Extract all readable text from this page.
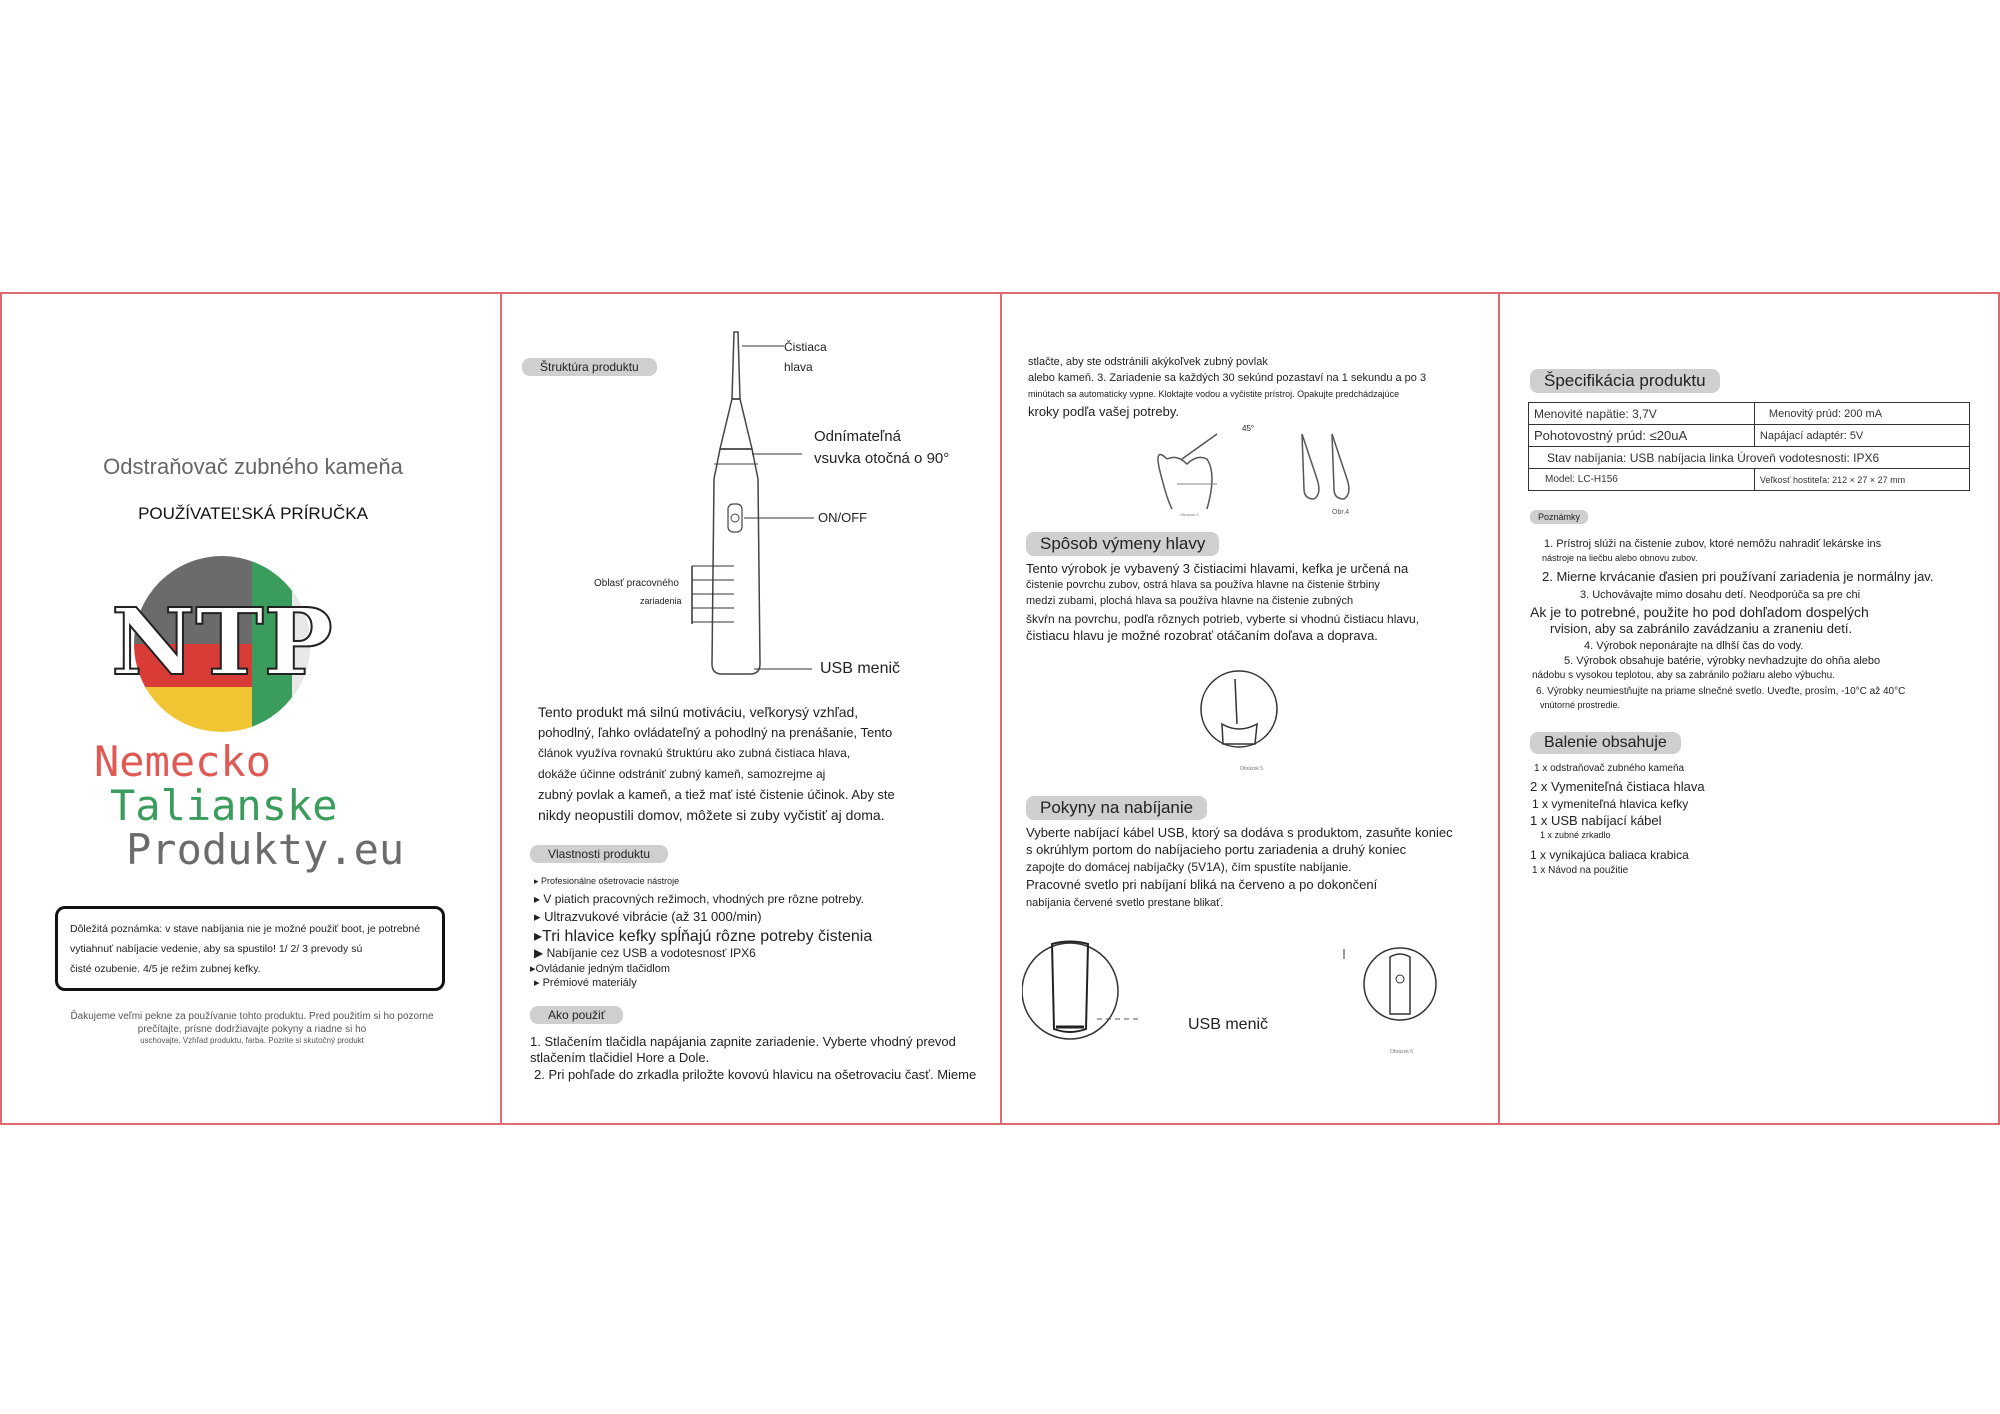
Odstraňovač zubného kameňa
POUŽÍVATEĽSKÁ PRÍRUČKA
NTP
Nemecko
Talianske
Produkty.eu
Dôležitá poznámka: v stave nabíjania nie je možné použiť boot, je potrebné
vytiahnuť nabíjacie vedenie, aby sa spustilo! 1/ 2/ 3 prevody sú
čisté ozubenie. 4/5 je režim zubnej kefky.
Ďakujeme veľmi pekne za používanie tohto produktu. Pred použitím si ho pozorne
prečítajte, prísne dodržiavajte pokyny a riadne si ho
uschovajte. Vzhľad produktu, farba. Pozrite si skutočný produkt
Štruktúra produktu
Čistiaca
hlava
Odnímateľná
vsuvka otočná o 90°
ON/OFF
Oblasť pracovného
zariadenia
USB menič
Tento produkt má silnú motiváciu, veľkorysý vzhľad,
pohodlný, ľahko ovládateľný a pohodlný na prenášanie, Tento
článok využíva rovnakú štruktúru ako zubná čistiaca hlava,
dokáže účinne odstrániť zubný kameň, samozrejme aj
zubný povlak a kameň, a tiež mať isté čistenie účinok. Aby ste
nikdy neopustili domov, môžete si zuby vyčistiť aj doma.
Vlastnosti produktu
▸ Profesionálne ošetrovacie nástroje
▸ V piatich pracovných režimoch, vhodných pre rôzne potreby.
▸ Ultrazvukové vibrácie (až 31 000/min)
▸Tri hlavice kefky spĺňajú rôzne potreby čistenia
▶ Nabíjanie cez USB a vodotesnosť IPX6
▸Ovládanie jedným tlačidlom
▸ Prémiové materiály
Ako použiť
1. Stlačením tlačidla napájania zapnite zariadenie. Vyberte vhodný prevod
stlačením tlačidiel Hore a Dole.
2. Pri pohľade do zrkadla priložte kovovú hlavicu na ošetrovaciu časť. Mieme
stlačte, aby ste odstránili akýkoľvek zubný povlak
alebo kameň. 3. Zariadenie sa každých 30 sekúnd pozastaví na 1 sekundu a po 3
minútach sa automaticky vypne. Kloktajte vodou a vyčistite prístroj. Opakujte predchádzajúce
kroky podľa vašej potreby.
45°
Obrázok 3	Obr.4
Spôsob výmeny hlavy
Tento výrobok je vybavený 3 čistiacimi hlavami, kefka je určená na
čistenie povrchu zubov, ostrá hlava sa používa hlavne na čistenie štrbiny
medzi zubami, plochá hlava sa používa hlavne na čistenie zubných
škvŕn na povrchu, podľa rôznych potrieb, vyberte si vhodnú čistiacu hlavu,
čistiacu hlavu je možné rozobrať otáčaním doľava a doprava.
Obrázok 5
Pokyny na nabíjanie
Vyberte nabíjací kábel USB, ktorý sa dodáva s produktom, zasuňte koniec
s okrúhlym portom do nabíjacieho portu zariadenia a druhý koniec
zapojte do domácej nabíjačky (5V1A), čím spustíte nabíjanie.
Pracovné svetlo pri nabíjaní bliká na červeno a po dokončení
nabíjania červené svetlo prestane blikať.
USB menič
Obrázok 6
Špecifikácia produktu
Menovité napätie: 3,7V	Menovitý prúd: 200 mA
Pohotovostný prúd: ≤20uA	Napájací adaptér: 5V
Stav nabíjania: USB nabíjacia linka Úroveň vodotesnosti: IPX6	
Model: LC-H156	Veľkosť hostiteľa: 212 × 27 × 27 mm
Poznámky
1. Prístroj slúži na čistenie zubov, ktoré nemôžu nahradiť lekárske ins
nástroje na liečbu alebo obnovu zubov.
2. Mierne krvácanie ďasien pri používaní zariadenia je normálny jav.
3. Uchovávajte mimo dosahu detí. Neodporúča sa pre chi
Ak je to potrebné, použite ho pod dohľadom dospelých
rvision, aby sa zabránilo zavádzaniu a zraneniu detí.
4. Výrobok neponárajte na dlhší čas do vody.
5. Výrobok obsahuje batérie, výrobky nevhadzujte do ohňa alebo
nádobu s vysokou teplotou, aby sa zabránilo požiaru alebo výbuchu.
6. Výrobky neumiestňujte na priame slnečné svetlo. Uveďte, prosím, -10°C až 40°C
vnútorné prostredie.
Balenie obsahuje
1 x odstraňovač zubného kameňa
2 x Vymeniteľná čistiaca hlava
1 x vymeniteľná hlavica kefky
1 x USB nabíjací kábel
1 x zubné zrkadlo
1 x vynikajúca baliaca krabica
1 x Návod na použitie
